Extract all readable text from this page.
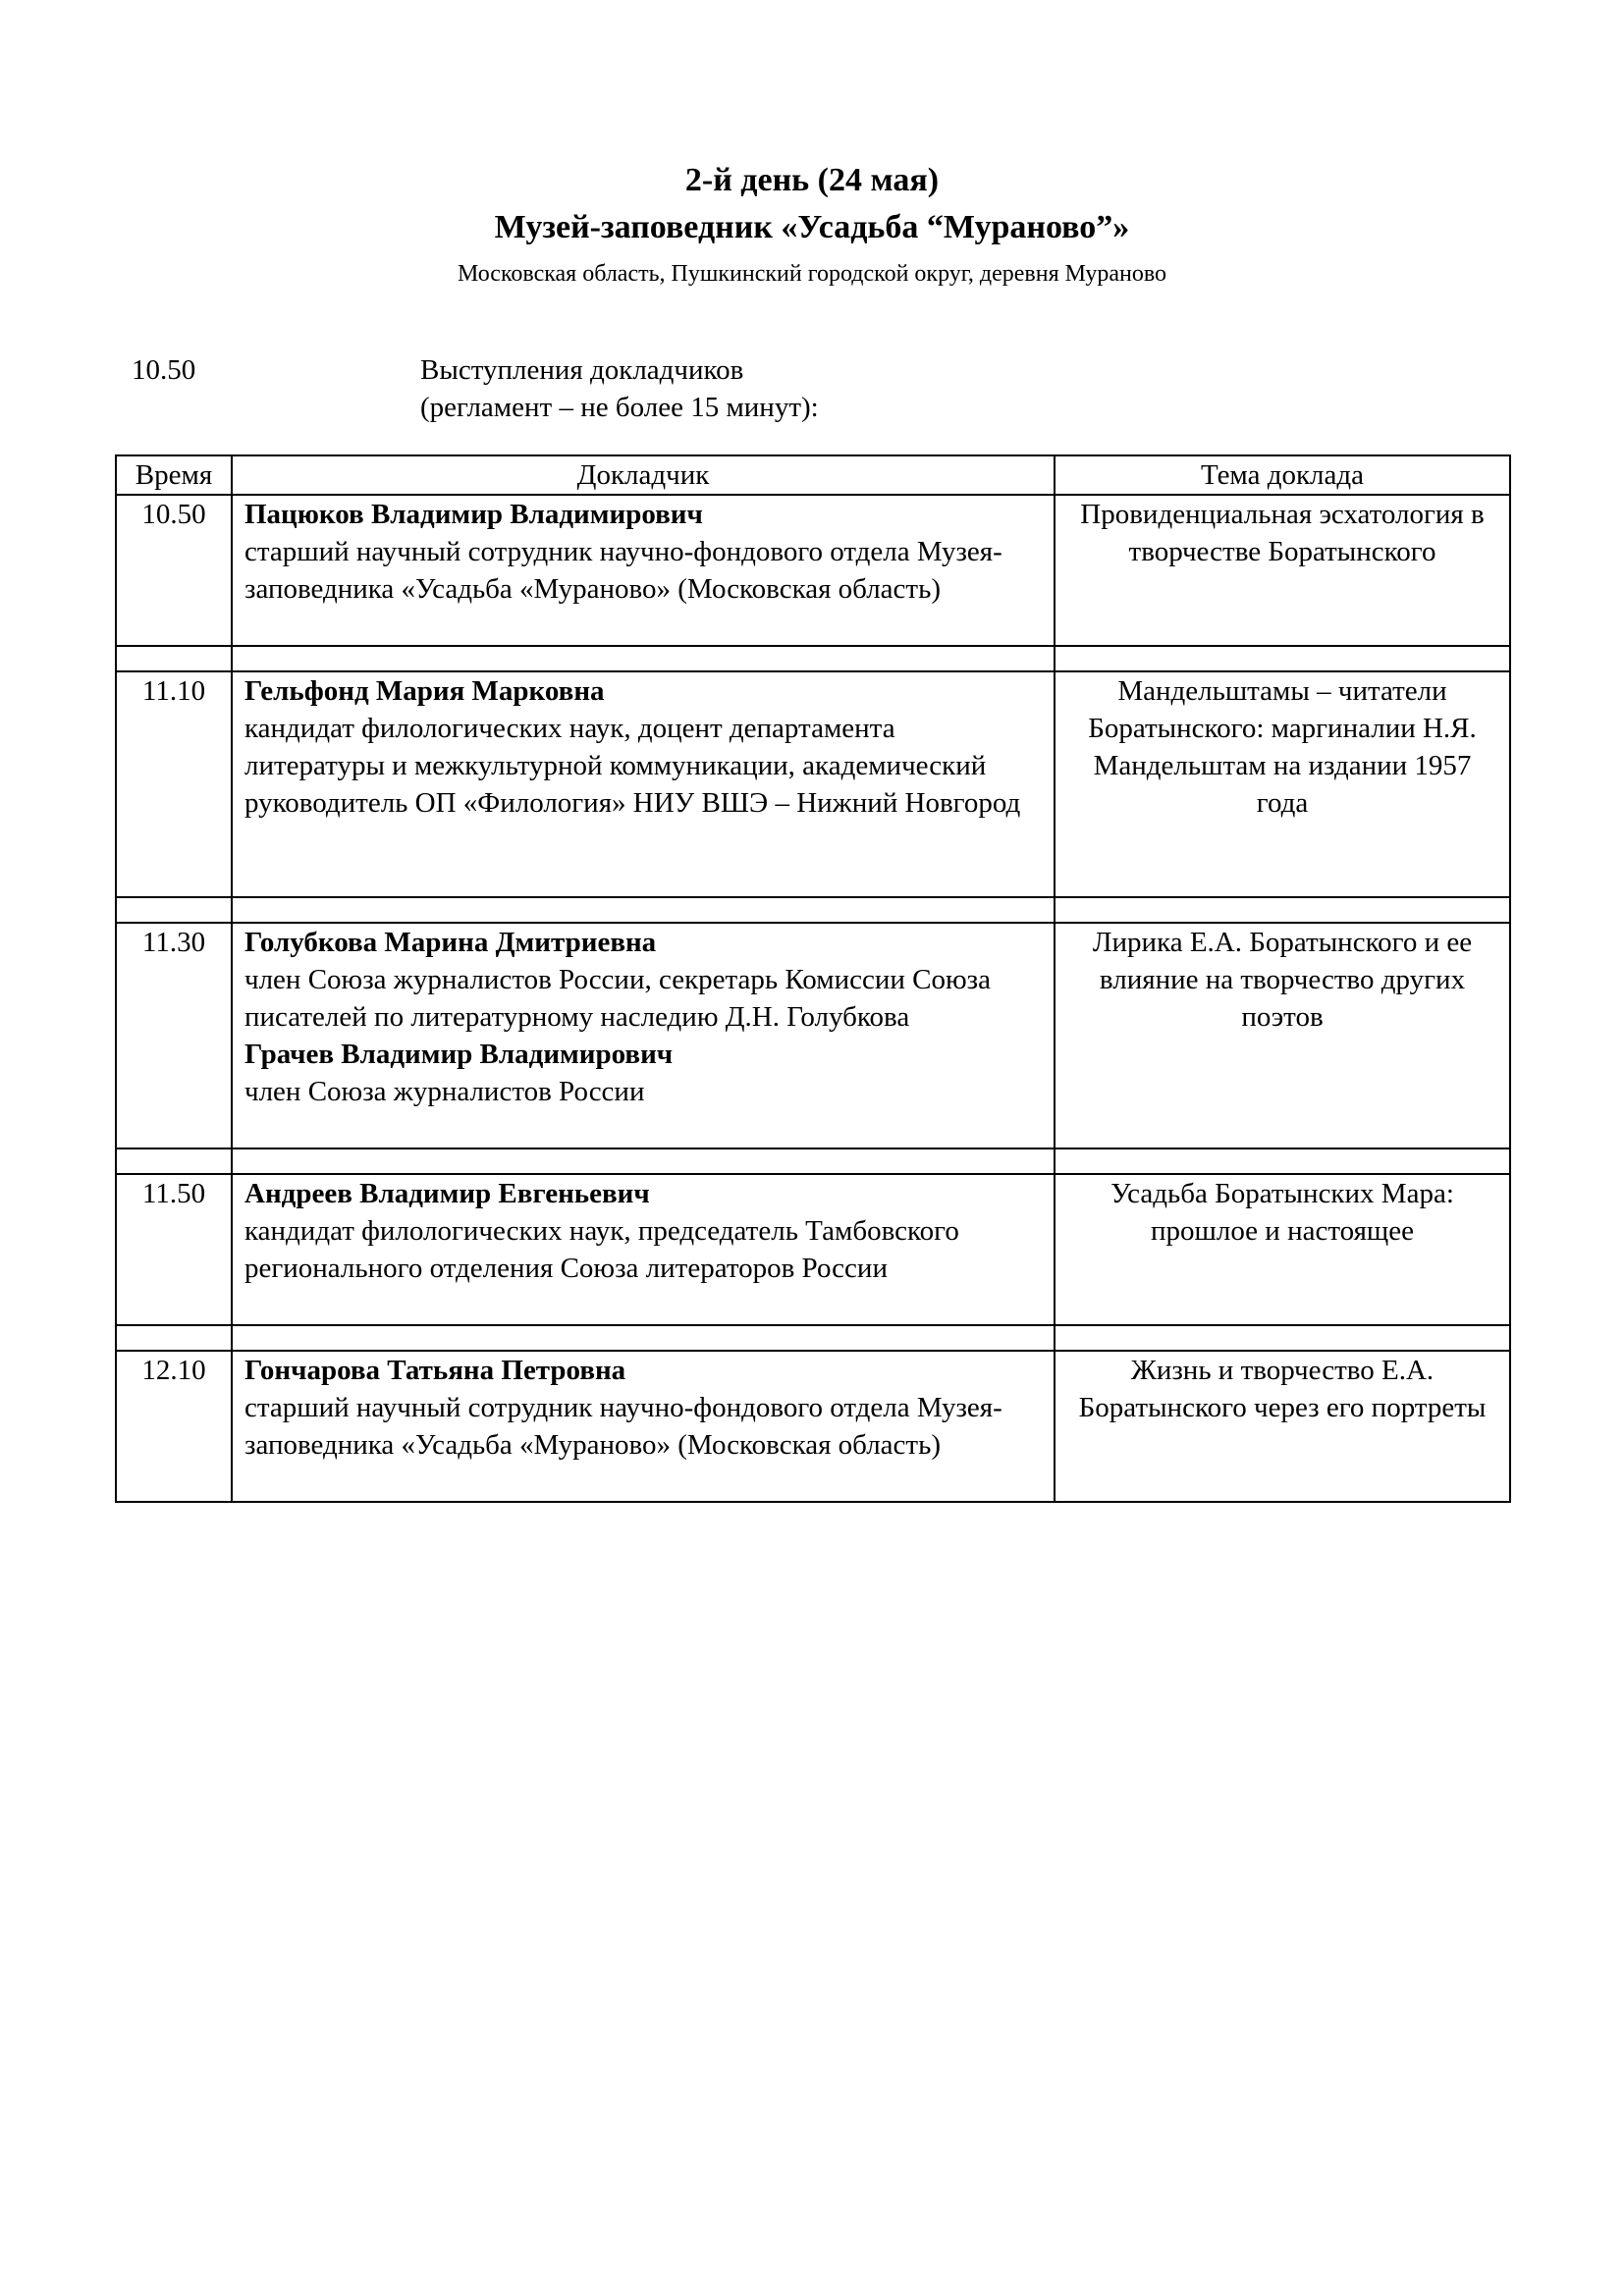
2-й день (24 мая)

Музей-заповедник «Усадьба “Мураново”»

Московская область, Пушкинский городской округ, деревня Мураново

10.50	Выступления докладчиков
(регламент – не более 15 минут):
Время	Докладчик	Тема доклада
10.50	Пацюков Владимир Владимирович
старший научный сотрудник научно-фондового отдела Музея-заповедника «Усадьба «Мураново» (Московская область)	Провиденциальная эсхатология в творчестве Боратынского

11.10	Гельфонд Мария Марковна
кандидат филологических наук, доцент департамента литературы и межкультурной коммуникации, академический руководитель ОП «Филология» НИУ ВШЭ – Нижний Новгород	Мандельштамы – читатели Боратынского: маргиналии Н.Я. Мандельштам на издании 1957 года

11.30	Голубкова Марина Дмитриевна
член Союза журналистов России, секретарь Комиссии Союза писателей по литературному наследию Д.Н. Голубкова
Грачев Владимир Владимирович
член Союза журналистов России	Лирика Е.А. Боратынского и ее влияние на творчество других поэтов

11.50	Андреев Владимир Евгеньевич
кандидат филологических наук, председатель Тамбовского регионального отделения Союза литераторов России	Усадьба Боратынских Мара: прошлое и настоящее

12.10	Гончарова Татьяна Петровна
старший научный сотрудник научно-фондового отдела Музея-заповедника «Усадьба «Мураново» (Московская область)	Жизнь и творчество Е.А. Боратынского через его портреты
